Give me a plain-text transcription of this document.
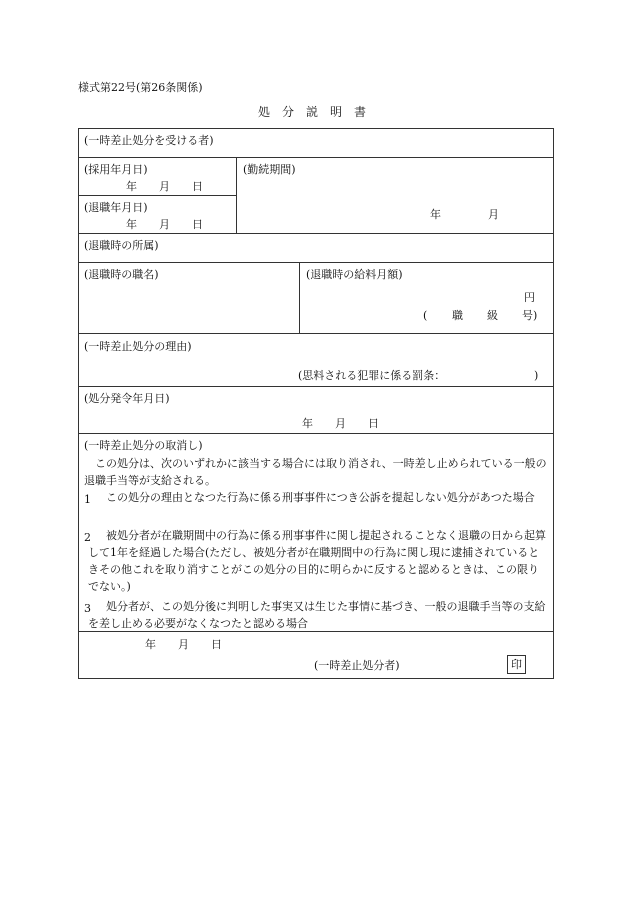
様式第22号(第26条関係)
処　分　説　明　書
(一時差止処分を受ける者)
(採用年月日)
年　　月　　日
(退職年月日)
年　　月　　日
(勤続期間)
年	月
(退職時の所属)
(退職時の職名)	(退職時の給料月額)
円
( 職 級 号)
(一時差止処分の理由)
(思料される犯罪に係る罰条：	)
(処分発令年月日)
年　　月　　日
(一時差止処分の取消し)
この処分は、次のいずれかに該当する場合には取り消され、一時差し止められている一般の退職手当等が支給される。
1	この処分の理由となつた行為に係る刑事事件につき公訴を提起しない処分があつた場合
2	被処分者が在職期間中の行為に係る刑事事件に関し提起されることなく退職の日から起算して1年を経過した場合(ただし、被処分者が在職期間中の行為に関し現に逮捕されているときその他これを取り消すことがこの処分の目的に明らかに反すると認めるときは、この限りでない。)
3	処分者が、この処分後に判明した事実又は生じた事情に基づき、一般の退職手当等の支給を差し止める必要がなくなつたと認める場合
年　　月　　日
(一時差止処分者)	印
